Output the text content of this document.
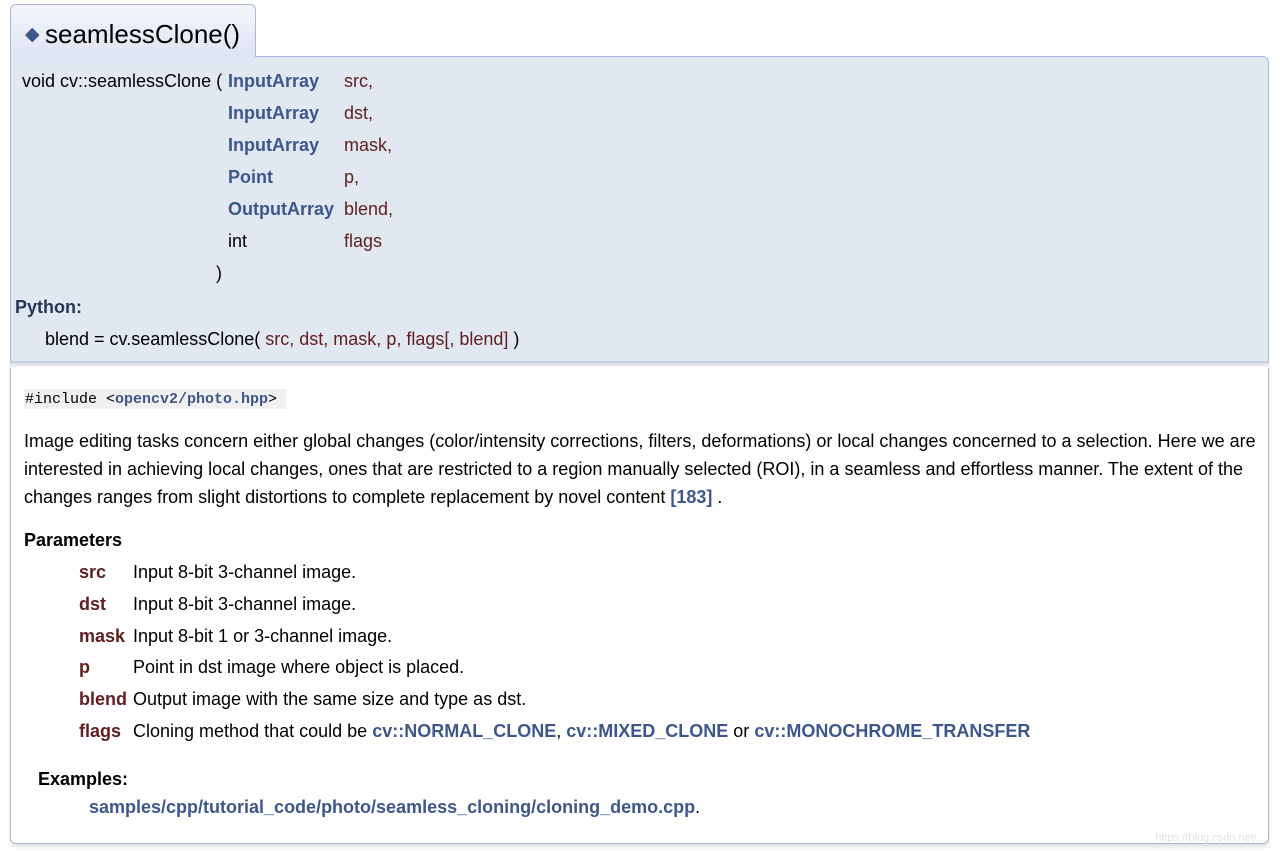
◆ seamlessClone()
void cv::seamlessClone ( InputArray src,
InputArray dst,
InputArray mask,
Point	p,
OutputArray blend,
int	flags
)
Python:
blend = cv.seamlessClone( src, dst, mask, p, flags[, blend] )
#include <opencv2/photo.hpp>
Image editing tasks concern either global changes (color/intensity corrections, filters, deformations) or local changes concerned to a selection. Here we are interested in achieving local changes, ones that are restricted to a region manually selected (ROI), in a seamless and effortless manner. The extent of the changes ranges from slight distortions to complete replacement by novel content [183] .
Parameters
src Input 8-bit 3-channel image.
dst Input 8-bit 3-channel image.
mask Input 8-bit 1 or 3-channel image.
p Point in dst image where object is placed.
blend Output image with the same size and type as dst.
flags Cloning method that could be cv::NORMAL_CLONE, cv::MIXED_CLONE or cv::MONOCHROME_TRANSFER
Examples:
samples/cpp/tutorial_code/photo/seamless_cloning/cloning_demo.cpp.
https://blog.csdn.net/...
